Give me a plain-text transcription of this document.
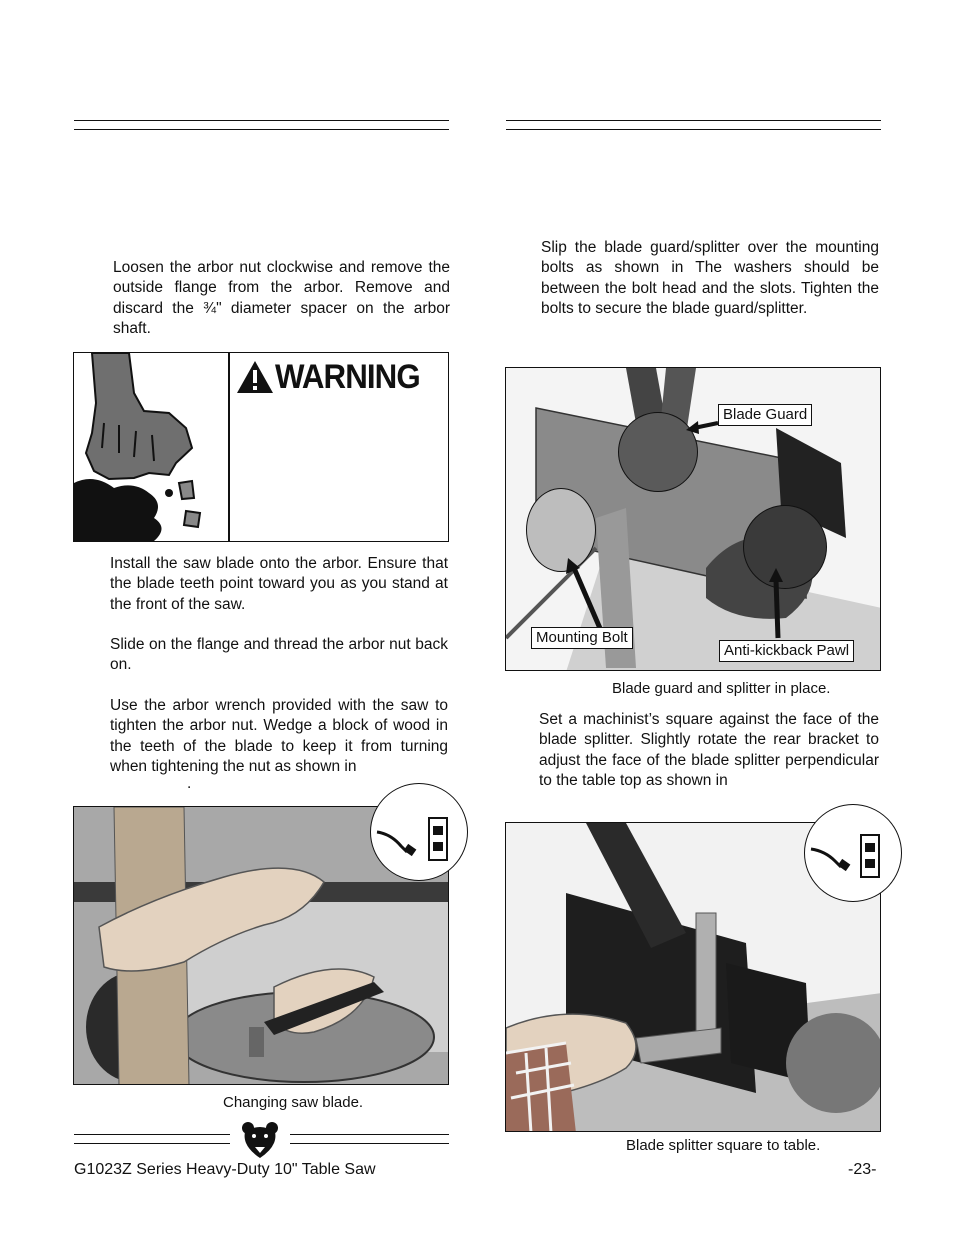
Loosen the arbor nut clockwise and remove the outside flange from the arbor. Remove and discard the ¾" diameter spacer on the arbor shaft.

WARNING

Install the saw blade onto the arbor. Ensure that the blade teeth point toward you as you stand at the front of the saw.

Slide on the flange and thread the arbor nut back on.

Use the arbor wrench provided with the saw to tighten the arbor nut. Wedge a block of wood in the teeth of the blade to keep it from turning when tightening the nut as shown in

.
Changing saw blade.

Slip the blade guard/splitter over the mounting bolts as shown in The washers should be between the bolt head and the slots. Tighten the bolts to secure the blade guard/splitter.

Blade Guard
Mounting Bolt
Anti-kickback Pawl
Blade guard and splitter in place.

Set a machinist’s square against the face of the blade splitter. Slightly rotate the rear bracket to adjust the face of the blade splitter perpendicular to the table top as shown in

Blade splitter square to table.
G1023Z Series Heavy-Duty 10" Table Saw	-23-
